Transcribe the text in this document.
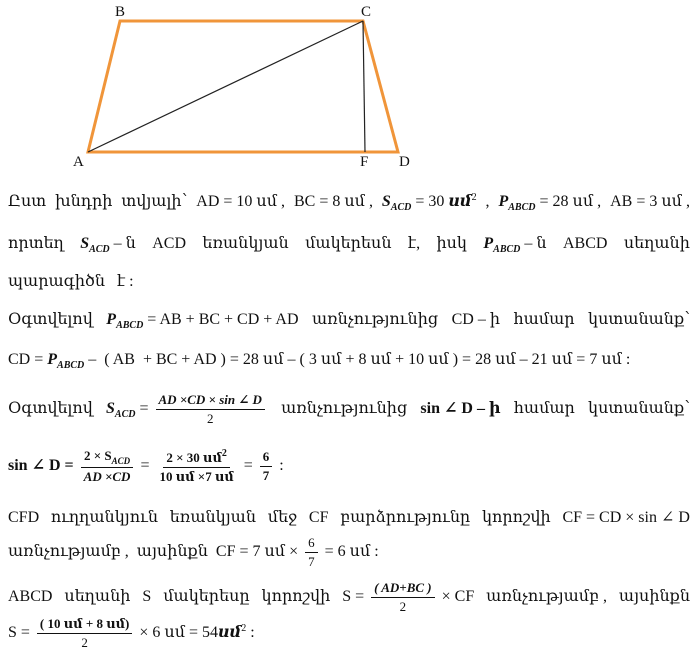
B	C
A	F D
Ըստ խնդրի տվյալի՝ AD = 10 սմ , BC = 8 սմ , $S_{ACD} = 30$ սմ$^2$ , $P_{ABCD} = 28$ սմ , AB = 3 սմ ,
որտեղ $S_{ACD}$ – ն ACD եռանկյան մակերեսն է, իսկ $P_{ABCD}$ – ն ABCD սեղանի
պարագիծն   է :
Օգտվելով $P_{ABCD}$ = AB + BC + CD + AD առնչությունից CD – ի համար կստանանք՝
CD = $P_{ABCD}$ –  ( AB  + BC + AD ) = 28 սմ – ( 3 սմ + 8 սմ + 10 սմ ) = 28 սմ – 21 սմ = 7 սմ :
Օգտվելով $S_{ACD} = \frac{AD \times CD \times \sin \angle D}{2}$ առնչությունից sin ∠ D – ի համար կստանանք՝
sin ∠ $D = \frac{2 \times S_{ACD}}{AD \times CD} = \frac{2 \times 30 սմ^2}{\text{10 սմ ×7 սմ}} = \frac{6}{7}$ :
CFD ուղղանկյուն եռանկյան մեջ CF բարձրությունը կորոշվի CF = CD × sin ∠ D
առնչությամբ ,  այսինքն  CF = 7 սմ × $\frac{6}{7} = 6$ սմ :
ABCD սեղանի S մակերեսը կորոշվի $S = \frac{( AD+BC )}{2}$ × CF առնչությամբ , այսինքն
$S = \frac{\text{( 10 սմ + 8 սմ)}}{2} \times 6$ սմ = 54սմ$^2$ :
